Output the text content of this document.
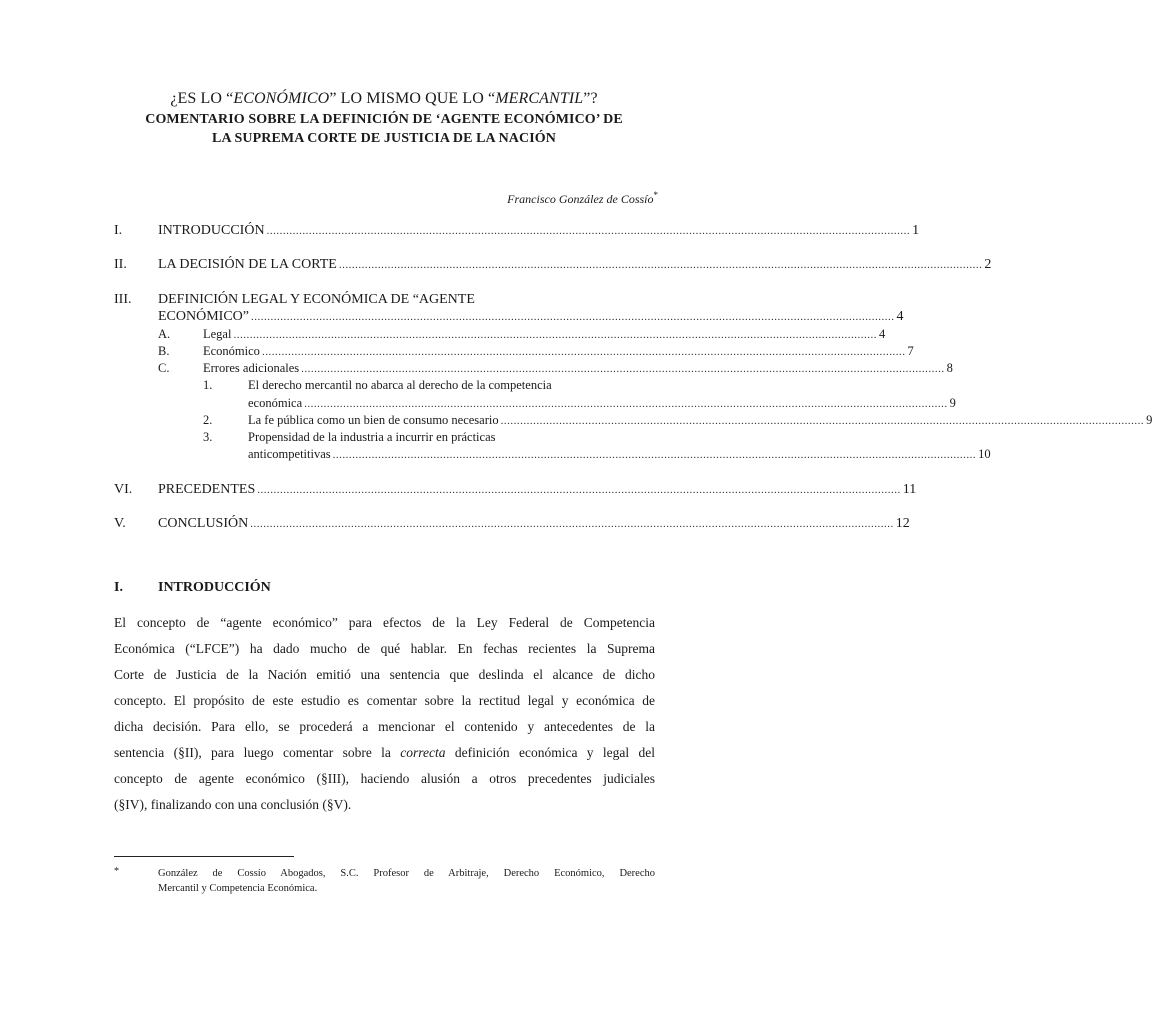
¿ES LO “ECONÓMICO” LO MISMO QUE LO “MERCANTIL”?
COMENTARIO SOBRE LA DEFINICIÓN DE ‘AGENTE ECONÓMICO’ DE
LA SUPREMA CORTE DE JUSTICIA DE LA NACIÓN
Francisco González de Cossío*
I.	INTRODUCCIÓN ...................................................................................................................................................................................................... 1
II. LA DECISIÓN DE LA CORTE ...................................................................................................................................................................................................... 2
III. DEFINICIÓN LEGAL Y ECONÓMICA DE “AGENTE
ECONÓMICO” ...................................................................................................................................................................................................... 4
A.	Legal ...................................................................................................................................................................................................... 4
B.	Económico ...................................................................................................................................................................................................... 7
C.	Errores adicionales ...................................................................................................................................................................................................... 8
1.	El derecho mercantil no abarca al derecho de la competencia
económica ...................................................................................................................................................................................................... 9
2.	La fe pública como un bien de consumo necesario ...................................................................................................................................................................................................... 9
3.	Propensidad de la industria a incurrir en prácticas
anticompetitivas ...................................................................................................................................................................................................... 10
VI. PRECEDENTES ...................................................................................................................................................................................................... 11
V. CONCLUSIÓN ...................................................................................................................................................................................................... 12
I.	INTRODUCCIÓN
El concepto de “agente económico” para efectos de la Ley Federal de Competencia
Económica (“LFCE”) ha dado mucho de qué hablar. En fechas recientes la Suprema
Corte de Justicia de la Nación emitió una sentencia que deslinda el alcance de dicho
concepto. El propósito de este estudio es comentar sobre la rectitud legal y económica de
dicha decisión. Para ello, se procederá a mencionar el contenido y antecedentes de la
sentencia (§II), para luego comentar sobre la correcta definición económica y legal del
concepto de agente económico (§III), haciendo alusión a otros precedentes judiciales
(§IV), finalizando con una conclusión (§V).
*	González de Cossío Abogados, S.C. Profesor de Arbitraje, Derecho Económico, Derecho
Mercantil y Competencia Económica.
